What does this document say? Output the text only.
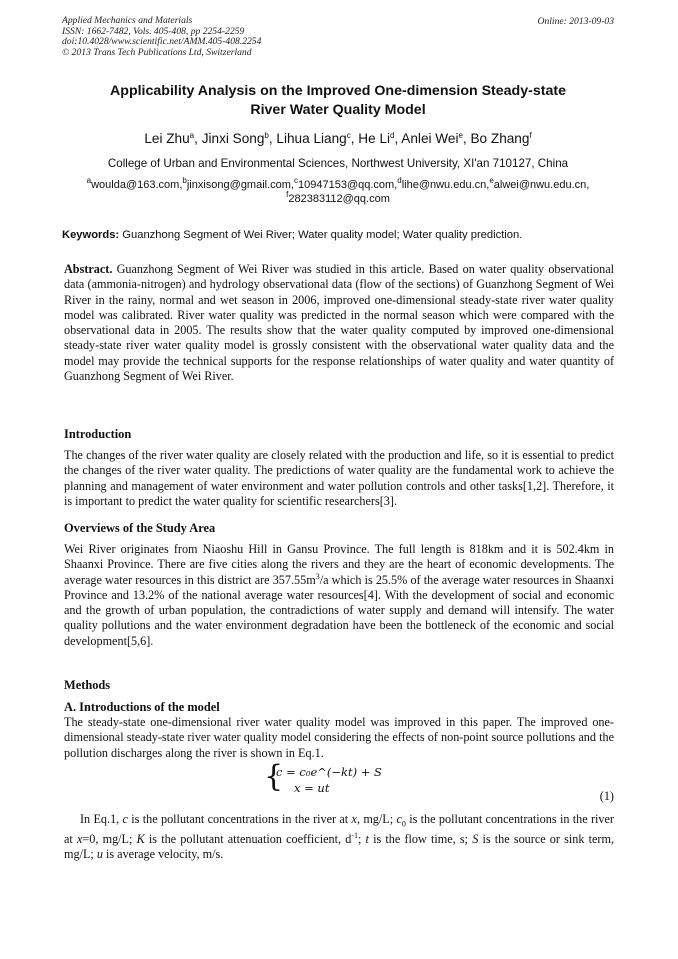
Applied Mechanics and Materials
ISSN: 1662-7482, Vols. 405-408, pp 2254-2259
doi:10.4028/www.scientific.net/AMM.405-408.2254
© 2013 Trans Tech Publications Ltd, Switzerland
Online: 2013-09-03
Applicability Analysis on the Improved One-dimension Steady-state
River Water Quality Model
Lei Zhu$^a$, Jinxi Song$^b$, Lihua Liang$^c$, He Li$^d$, Anlei Wei$^e$, Bo Zhang$^f$
College of Urban and Environmental Sciences, Northwest University, XI'an 710127, China
$^a$woulda@163.com,$^b$jinxisong@gmail.com,$^c$10947153@qq.com,$^d$lihe@nwu.edu.cn,$^e$alwei@nwu.edu.cn,
$^f$282383112@qq.com
Keywords: Guanzhong Segment of Wei River; Water quality model; Water quality prediction.
Abstract. Guanzhong Segment of Wei River was studied in this article. Based on water quality observational data (ammonia-nitrogen) and hydrology observational data (flow of the sections) of Guanzhong Segment of Wei River in the rainy, normal and wet season in 2006, improved one-dimensional steady-state river water quality model was calibrated. River water quality was predicted in the normal season which were compared with the observational data in 2005. The results show that the water quality computed by improved one-dimensional steady-state river water quality model is grossly consistent with the observational water quality data and the model may provide the technical supports for the response relationships of water quality and water quantity of Guanzhong Segment of Wei River.
Introduction
The changes of the river water quality are closely related with the production and life, so it is essential to predict the changes of the river water quality. The predictions of water quality are the fundamental work to achieve the planning and management of water environment and water pollution controls and other tasks[1,2]. Therefore, it is important to predict the water quality for scientific researchers[3].
Overviews of the Study Area
Wei River originates from Niaoshu Hill in Gansu Province. The full length is 818km and it is 502.4km in Shaanxi Province. There are five cities along the rivers and they are the heart of economic developments. The average water resources in this district are $357.55m^3/a$ which is 25.5% of the average water resources in Shaanxi Province and 13.2% of the national average water resources[4]. With the development of social and economic and the growth of urban population, the contradictions of water supply and demand will intensify. The water quality pollutions and the water environment degradation have been the bottleneck of the economic and social development[5,6].
Methods
A. Introductions of the model
The steady-state one-dimensional river water quality model was improved in this paper. The improved one-dimensional steady-state river water quality model considering the effects of non-point source pollutions and the pollution discharges along the river is shown in Eq.1.
{
c = c₀e^(−kt) + S
x = ut
(1)
In Eq.1, c is the pollutant concentrations in the river at x, mg/L; $c_0$ is the pollutant concentrations in the river at x=0, mg/L; K is the pollutant attenuation coefficient, $d^{-1}$; t is the flow time, s; S is the source or sink term, mg/L; u is average velocity, m/s.
